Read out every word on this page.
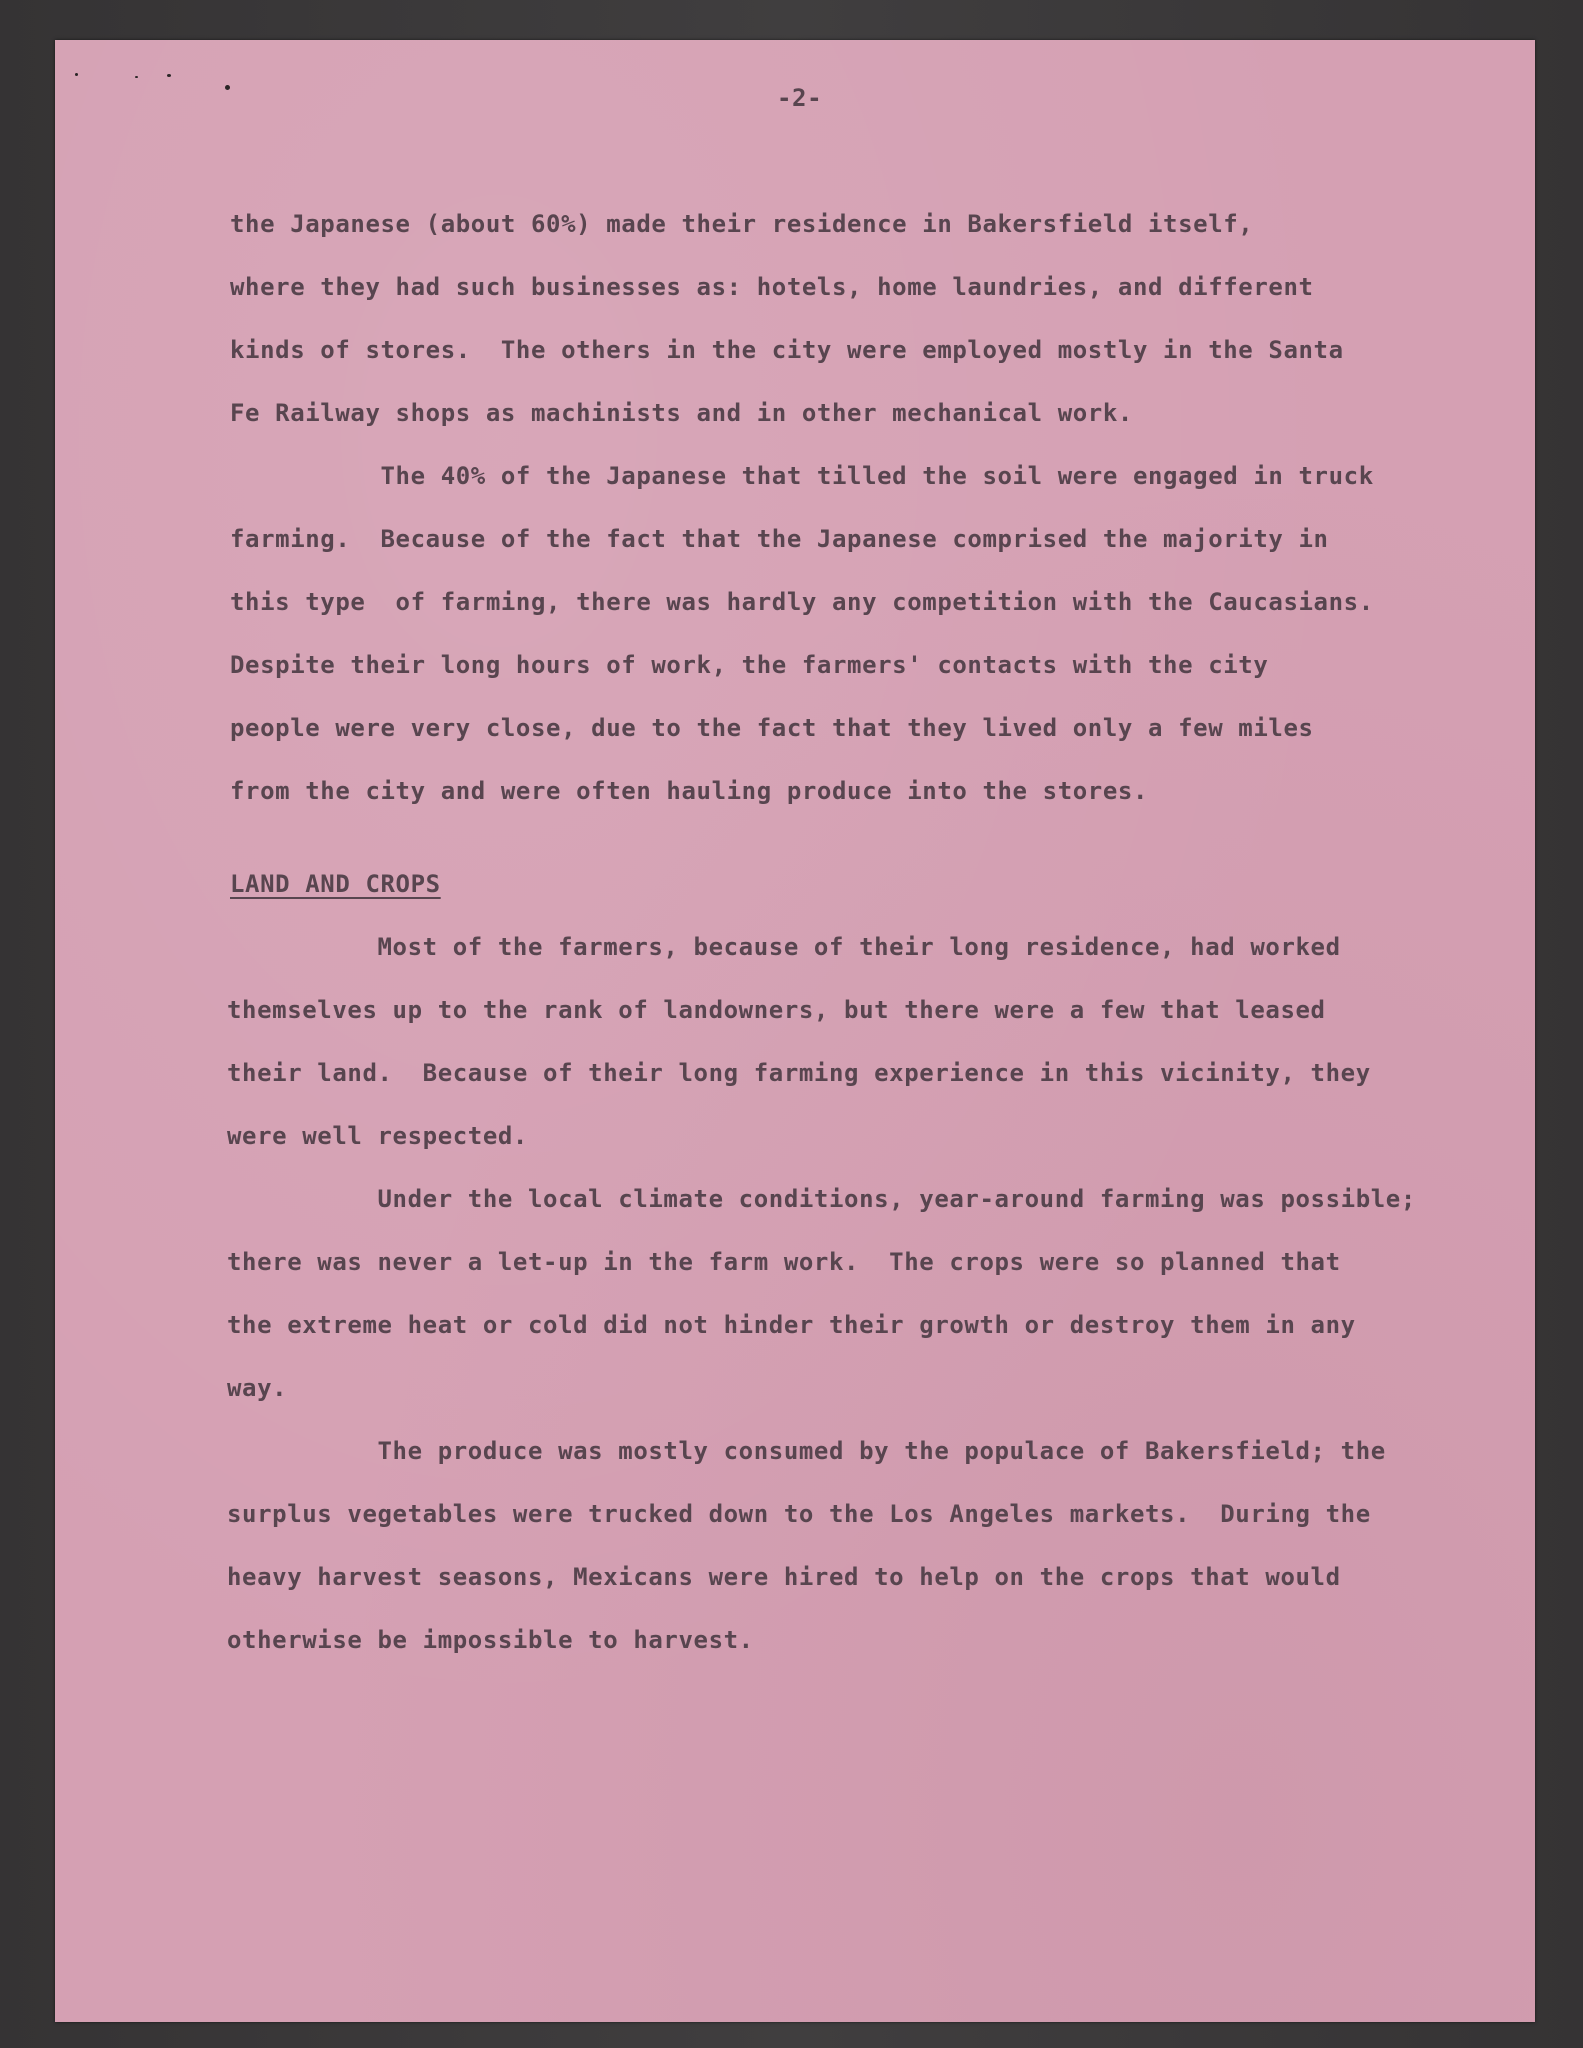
-2-

the Japanese (about 60%) made their residence in Bakersfield itself,

where they had such businesses as: hotels, home laundries, and different

kinds of stores.  The others in the city were employed mostly in the Santa

Fe Railway shops as machinists and in other mechanical work.

The 40% of the Japanese that tilled the soil were engaged in truck

farming.  Because of the fact that the Japanese comprised the majority in

this type  of farming, there was hardly any competition with the Caucasians.

Despite their long hours of work, the farmers' contacts with the city

people were very close, due to the fact that they lived only a few miles

from the city and were often hauling produce into the stores.

LAND AND CROPS

Most of the farmers, because of their long residence, had worked

themselves up to the rank of landowners, but there were a few that leased

their land.  Because of their long farming experience in this vicinity, they

were well respected.

Under the local climate conditions, year-around farming was possible;

there was never a let-up in the farm work.  The crops were so planned that

the extreme heat or cold did not hinder their growth or destroy them in any

way.

The produce was mostly consumed by the populace of Bakersfield; the

surplus vegetables were trucked down to the Los Angeles markets.  During the

heavy harvest seasons, Mexicans were hired to help on the crops that would

otherwise be impossible to harvest.
